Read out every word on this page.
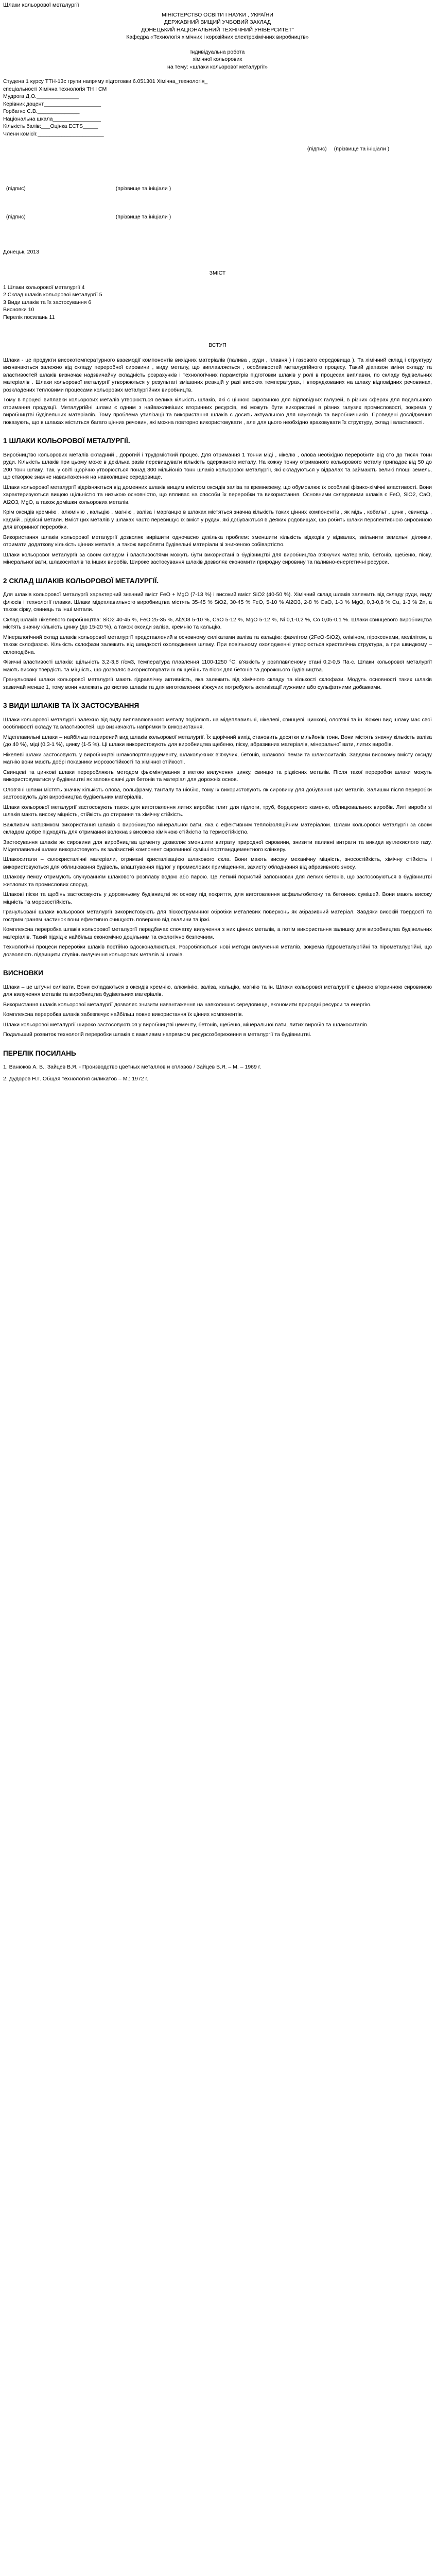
Шлаки кольорової металургії
МІНІСТЕРСТВО ОСВІТИ І НАУКИ , УКРАЇНИ
ДЕРЖАВНИЙ ВИЩИЙ УЧБОВИЙ ЗАКЛАД
ДОНЕЦЬКИЙ НАЦІОНАЛЬНИЙ ТЕХНІЧНИЙ УНІВЕРСИТЕТ"
Кафедра «Технологія хімічних і корозійних електрохімічних виробництв»
Індивідуальна робота
хімічної кольорових
на тему: «шлаки кольорової металургії»
Студена 1 курсу ТТН-13с групи напряму підготовки 6.051301 Хімічна_технологія_
спеціальності Хімічна технологія ТН І СМ
Мудрога Д.О.______________
Керівник доцент___________________
Горбатко С.В.______________
Національна шкала________________
Кількість балів:___Оцінка ЕСТS_____
Члени комісії:______________________

(підпис) (прізвище та ініціали )

(підпис)	(прізвище та ініціали )

(підпис)	(прізвище та ініціали )

Донецьк, 2013
ЗМІСТ
1 Шлаки кольорової металургії 4
2 Склад шлаків кольорової металургії 5
3 Види шлаків та їх застосування 6
Висновки 10
Перелік посилань 11
ВСТУП

Шлаки - це продукти високотемпературного взаємодії компонентів вихідних матеріалів (палива , руди , плавня ) і газового середовища ). Та хімічний склад і структуру визначаються залежно від складу переробної сировини , виду металу, що виплавляється , особливостей металургійного процесу. Такий діапазон зміни складу та властивостей шлаків визначає надзвичайну складність розрахунків і технологічних параметрів підготовки шлаків у ролі в процесах виплавки, по складу будівельних матеріалів . Шлаки кольорової металургії утворюються у результаті змішаних реакцій у разі високих температурах, і впорядкованих на шлаку відповідних речовинах, розкладених тепловими процесами кольорових металургійних виробництв.

Тому в процесі виплавки кольорових металів утворюється велика кількість шлаків, які є цінною сировиною для відповідних галузей, в різних сферах для подальшого отримання продукції. Металургійні шлаки є одним з найважливіших вторинних ресурсів, які можуть бути використані в різних галузях промисловості, зокрема у виробництві будівельних матеріалів. Тому проблема утилізації та використання шлаків є досить актуальною для науковців та виробничників. Проведені дослідження показують, що в шлаках міститься багато цінних речовин, які можна повторно використовувати , але для цього необхідно враховувати їх структуру, склад і властивості.

1 ШЛАКИ КОЛЬОРОВОЇ МЕТАЛУРГІЇ.

Виробництво кольорових металів складний , дорогий і трудомісткий процес. Для отримання 1 тонни міді , нікелю , олова необхідно переробити від сто до тисяч тонн руди. Кількість шлаків при цьому може в декілька разів перевищувати кількість одержаного металу. На кожну тонну отриманого кольорового металу припадає від 50 до 200 тонн шлаку. Так, у світі щорічно утворюється понад 300 мільйонів тонн шлаків кольорової металургії, які складуються у відвалах та займають великі площі земель, що створює значне навантаження на навколишнє середовище.

Шлаки кольорової металургії відрізняються від доменних шлаків вищим вмістом оксидів заліза та кремнезему, що обумовлює їх особливі фізико-хімічні властивості. Вони характеризуються вищою щільністю та низькою основністю, що впливає на способи їх переробки та використання. Основними складовими шлаків є FeO, SiO2, CaO, Al2O3, MgO, а також домішки кольорових металів.

Крім оксидів кремнію , алюмінію , кальцію , магнію , заліза і марганцю в шлаках містяться значна кількість таких цінних компонентів , як мідь , кобальт , цинк , свинець , кадмій , рідкісні метали. Вміст цих металів у шлаках часто перевищує їх вміст у рудах, які добуваються в деяких родовищах, що робить шлаки перспективною сировиною для вторинної переробки.

Використання шлаків кольорової металургії дозволяє вирішити одночасно декілька проблем: зменшити кількість відходів у відвалах, звільнити земельні ділянки, отримати додаткову кількість цінних металів, а також виробляти будівельні матеріали зі зниженою собівартістю.

Шлаки кольорової металургії за своїм складом і властивостями можуть бути використані в будівництві для виробництва в'яжучих матеріалів, бетонів, щебеню, піску, мінеральної вати, шлакоситалів та інших виробів. Широке застосування шлаків дозволяє економити природну сировину та паливно-енергетичні ресурси.

2 СКЛАД ШЛАКІВ КОЛЬОРОВОЇ МЕТАЛУРГІЇ.

Для шлаків кольорової металургії характерний значний вміст FeO + MgO (7-13 %) і високий вміст SiO2 (40-50 %). Хімічний склад шлаків залежить від складу руди, виду флюсів і технології плавки. Шлаки мідеплавильного виробництва містять 35-45 % SiO2, 30-45 % FeO, 5-10 % Al2O3, 2-8 % CaO, 1-3 % MgO, 0,3-0,8 % Cu, 1-3 % Zn, а також сірку, свинець та інші метали.

Склад шлаків нікелевого виробництва: SiO2 40-45 %, FeO 25-35 %, Al2O3 5-10 %, CaO 5-12 %, MgO 5-12 %, Ni 0,1-0,2 %, Co 0,05-0,1 %. Шлаки свинцевого виробництва містять значну кількість цинку (до 15-20 %), а також оксиди заліза, кремнію та кальцію.

Мінералогічний склад шлаків кольорової металургії представлений в основному силікатами заліза та кальцію: фаялітом (2FeO·SiO2), олівіном, піроксенами, мелілітом, а також склофазою. Кількість склофази залежить від швидкості охолодження шлаку. При повільному охолодженні утворюється кристалічна структура, а при швидкому – склоподібна.

Фізичні властивості шлаків: щільність 3,2-3,8 г/см3, температура плавлення 1100-1250 °С, в'язкість у розплавленому стані 0,2-0,5 Па·с. Шлаки кольорової металургії мають високу твердість та міцність, що дозволяє використовувати їх як щебінь та пісок для бетонів та дорожнього будівництва.

Гранульовані шлаки кольорової металургії мають гідравлічну активність, яка залежить від хімічного складу та кількості склофази. Модуль основності таких шлаків зазвичай менше 1, тому вони належать до кислих шлаків та для виготовлення в'яжучих потребують активізації лужними або сульфатними добавками.

3 ВИДИ ШЛАКІВ ТА ЇХ ЗАСТОСУВАННЯ

Шлаки кольорової металургії залежно від виду виплавлюваного металу поділяють на мідеплавильні, нікелеві, свинцеві, цинкові, олов'яні та ін. Кожен вид шлаку має свої особливості складу та властивостей, що визначають напрямки їх використання.

Мідеплавильні шлаки – найбільш поширений вид шлаків кольорової металургії. Їх щорічний вихід становить десятки мільйонів тонн. Вони містять значну кількість заліза (до 40 %), міді (0,3-1 %), цинку (1-5 %). Ці шлаки використовують для виробництва щебеню, піску, абразивних матеріалів, мінеральної вати, литих виробів.

Нікелеві шлаки застосовують у виробництві шлакопортландцементу, шлаколужних в'яжучих, бетонів, шлакової пемзи та шлакоситалів. Завдяки високому вмісту оксиду магнію вони мають добрі показники морозостійкості та хімічної стійкості.

Свинцеві та цинкові шлаки переробляють методом фьюмінгування з метою вилучення цинку, свинцю та рідкісних металів. Після такої переробки шлаки можуть використовуватися у будівництві як заповнювачі для бетонів та матеріал для дорожніх основ.

Олов'яні шлаки містять значну кількість олова, вольфраму, танталу та ніобію, тому їх використовують як сировину для добування цих металів. Залишки після переробки застосовують для виробництва будівельних матеріалів.

Шлаки кольорової металургії застосовують також для виготовлення литих виробів: плит для підлоги, труб, бордюрного каменю, облицювальних виробів. Литі вироби зі шлаків мають високу міцність, стійкість до стирання та хімічну стійкість.

Важливим напрямком використання шлаків є виробництво мінеральної вати, яка є ефективним теплоізоляційним матеріалом. Шлаки кольорової металургії за своїм складом добре підходять для отримання волокна з високою хімічною стійкістю та термостійкістю.

Застосування шлаків як сировини для виробництва цементу дозволяє зменшити витрату природної сировини, знизити паливні витрати та викиди вуглекислого газу. Мідеплавильні шлаки використовують як залізистий компонент сировинної суміші портландцементного клінкеру.

Шлакоситали – склокристалічні матеріали, отримані кристалізацією шлакового скла. Вони мають високу механічну міцність, зносостійкість, хімічну стійкість і використовуються для облицювання будівель, влаштування підлог у промислових приміщеннях, захисту обладнання від абразивного зносу.

Шлакову пемзу отримують спучуванням шлакового розплаву водою або парою. Це легкий пористий заповнювач для легких бетонів, що застосовуються в будівництві житлових та промислових споруд.

Шлакові піски та щебінь застосовують у дорожньому будівництві як основу під покриття, для виготовлення асфальтобетону та бетонних сумішей. Вони мають високу міцність та морозостійкість.

Гранульовані шлаки кольорової металургії використовують для піскоструминної обробки металевих поверхонь як абразивний матеріал. Завдяки високій твердості та гострим граням частинок вони ефективно очищують поверхню від окалини та іржі.

Комплексна переробка шлаків кольорової металургії передбачає спочатку вилучення з них цінних металів, а потім використання залишку для виробництва будівельних матеріалів. Такий підхід є найбільш економічно доцільним та екологічно безпечним.

Технологічні процеси переробки шлаків постійно вдосконалюються. Розробляються нові методи вилучення металів, зокрема гідрометалургійні та пірометалургійні, що дозволяють підвищити ступінь вилучення кольорових металів зі шлаків.

ВИСНОВКИ

Шлаки – це штучні силікати. Вони складаються з оксидів кремнію, алюмінію, заліза, кальцію, магнію та ін. Шлаки кольорової металургії є цінною вторинною сировиною для вилучення металів та виробництва будівельних матеріалів.

Використання шлаків кольорової металургії дозволяє знизити навантаження на навколишнє середовище, економити природні ресурси та енергію.

Комплексна переробка шлаків забезпечує найбільш повне використання їх цінних компонентів.

Шлаки кольорової металургії широко застосовуються у виробництві цементу, бетонів, щебеню, мінеральної вати, литих виробів та шлакоситалів.

Подальший розвиток технологій переробки шлаків є важливим напрямком ресурсозбереження в металургії та будівництві.

ПЕРЕЛІК ПОСИЛАНЬ

1. Ванюков А. В., Зайцев В.Я. - Производство цветных металлов и сплавов / Зайцев В.Я. – М. – 1969 г.

2. Дудоров Н.Г. Общая технология силикатов – М.: 1972 г.
